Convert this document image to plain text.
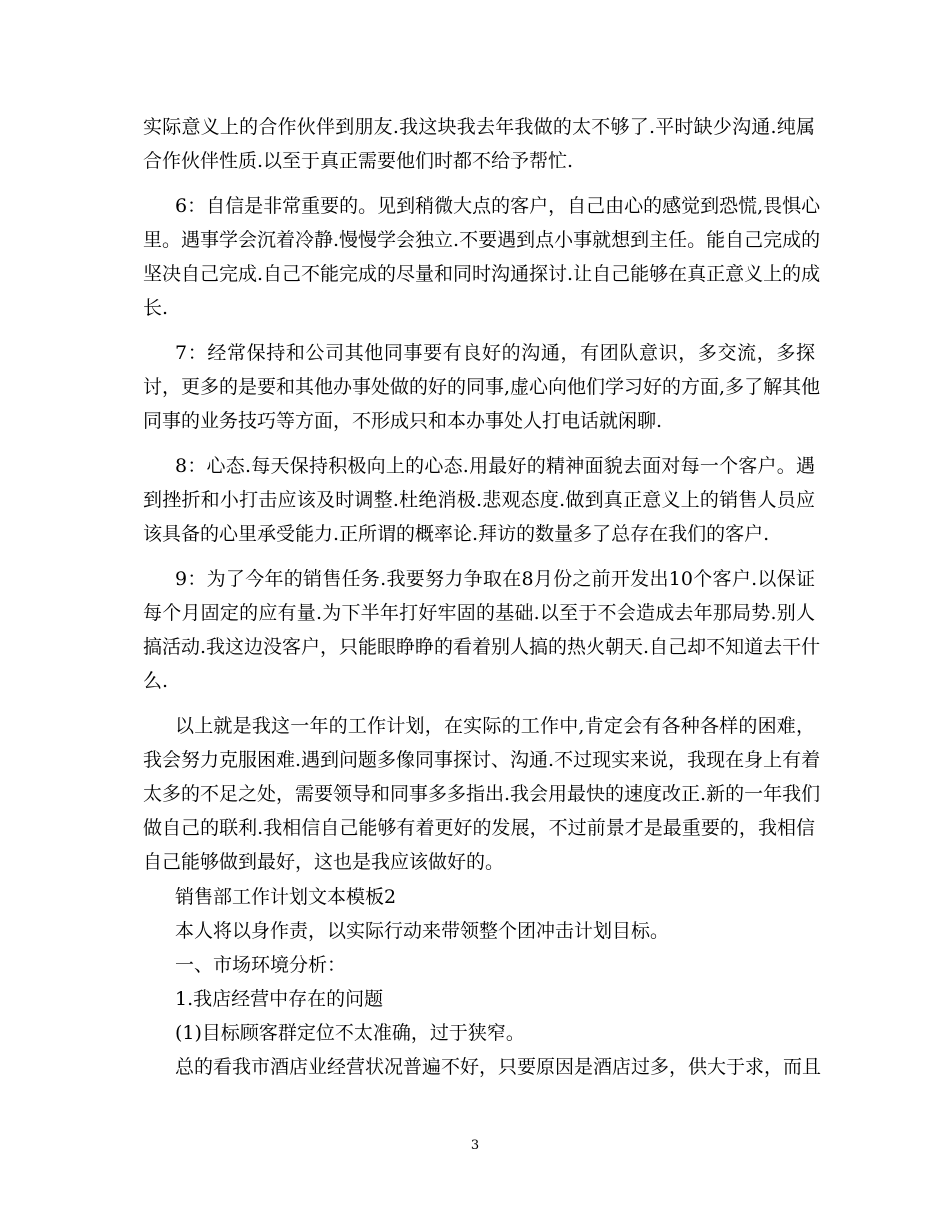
实际意义上的合作伙伴到朋友.我这块我去年我做的太不够了.平时缺少沟通.纯属
合作伙伴性质.以至于真正需要他们时都不给予帮忙.
6：自信是非常重要的。见到稍微大点的客户，自己由心的感觉到恐慌,畏惧心
里。遇事学会沉着冷静.慢慢学会独立.不要遇到点小事就想到主任。能自己完成的
坚决自己完成.自己不能完成的尽量和同时沟通探讨.让自己能够在真正意义上的成
长.
7：经常保持和公司其他同事要有良好的沟通，有团队意识，多交流，多探
讨，更多的是要和其他办事处做的好的同事,虚心向他们学习好的方面,多了解其他
同事的业务技巧等方面，不形成只和本办事处人打电话就闲聊.
8：心态.每天保持积极向上的心态.用最好的精神面貌去面对每一个客户。遇
到挫折和小打击应该及时调整.杜绝消极.悲观态度.做到真正意义上的销售人员应
该具备的心里承受能力.正所谓的概率论.拜访的数量多了总存在我们的客户.
9：为了今年的销售任务.我要努力争取在8月份之前开发出10个客户.以保证
每个月固定的应有量.为下半年打好牢固的基础.以至于不会造成去年那局势.别人
搞活动.我这边没客户，只能眼睁睁的看着别人搞的热火朝天.自己却不知道去干什
么.
以上就是我这一年的工作计划，在实际的工作中,肯定会有各种各样的困难，
我会努力克服困难.遇到问题多像同事探讨、沟通.不过现实来说，我现在身上有着
太多的不足之处，需要领导和同事多多指出.我会用最快的速度改正.新的一年我们
做自己的联利.我相信自己能够有着更好的发展，不过前景才是最重要的，我相信
自己能够做到最好，这也是我应该做好的。
销售部工作计划文本模板2
本人将以身作责，以实际行动来带领整个团冲击计划目标。
一、市场环境分析：
1.我店经营中存在的问题
(1)目标顾客群定位不太准确，过于狭窄。
总的看我市酒店业经营状况普遍不好，只要原因是酒店过多，供大于求，而且
3
